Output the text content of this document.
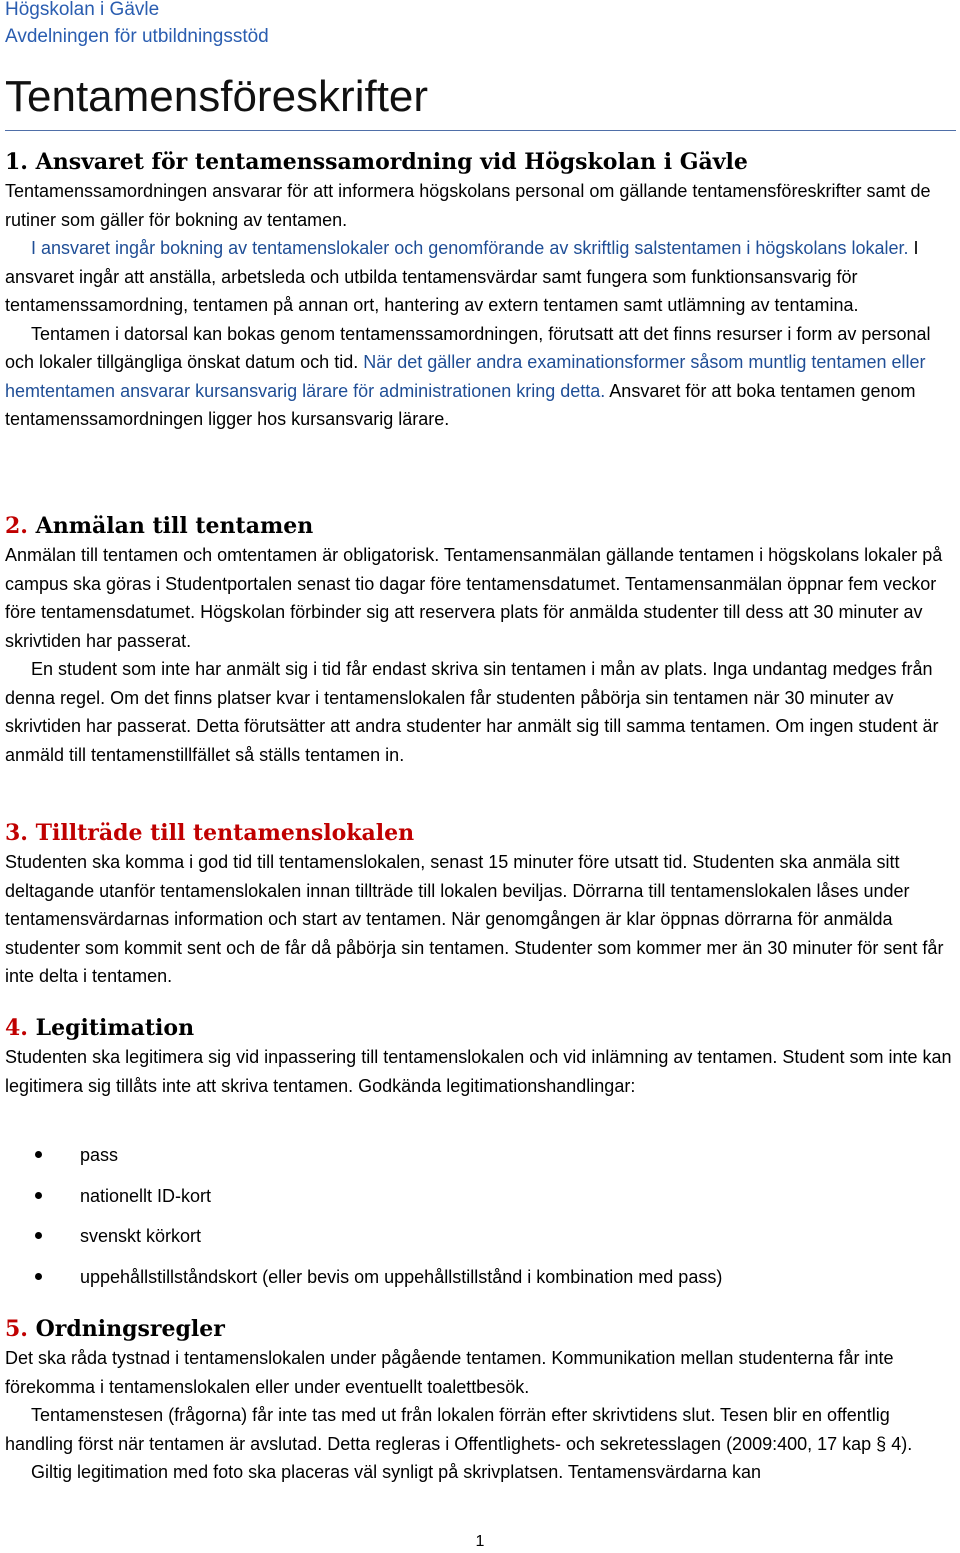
Högskolan i Gävle
Avdelningen för utbildningsstöd
Tentamensföreskrifter
1. Ansvaret för tentamenssamordning vid Högskolan i Gävle
Tentamenssamordningen ansvarar för att informera högskolans personal om gällande tentamensföreskrifter samt de rutiner som gäller för bokning av tentamen.
I ansvaret ingår bokning av tentamenslokaler och genomförande av skriftlig salstentamen i högskolans lokaler. I ansvaret ingår att anställa, arbetsleda och utbilda tentamensvärdar samt fungera som funktionsansvarig för tentamenssamordning, tentamen på annan ort, hantering av extern tentamen samt utlämning av tentamina.
Tentamen i datorsal kan bokas genom tentamenssamordningen, förutsatt att det finns resurser i form av personal och lokaler tillgängliga önskat datum och tid. När det gäller andra examinationsformer såsom muntlig tentamen eller hemtentamen ansvarar kursansvarig lärare för administrationen kring detta. Ansvaret för att boka tentamen genom tentamenssamordningen ligger hos kursansvarig lärare.
2. Anmälan till tentamen
Anmälan till tentamen och omtentamen är obligatorisk. Tentamensanmälan gällande tentamen i högskolans lokaler på campus ska göras i Studentportalen senast tio dagar före tentamensdatumet. Tentamensanmälan öppnar fem veckor före tentamensdatumet. Högskolan förbinder sig att reservera plats för anmälda studenter till dess att 30 minuter av skrivtiden har passerat.
En student som inte har anmält sig i tid får endast skriva sin tentamen i mån av plats. Inga undantag medges från denna regel. Om det finns platser kvar i tentamenslokalen får studenten påbörja sin tentamen när 30 minuter av skrivtiden har passerat. Detta förutsätter att andra studenter har anmält sig till samma tentamen. Om ingen student är anmäld till tentamenstillfället så ställs tentamen in.
3. Tillträde till tentamenslokalen
Studenten ska komma i god tid till tentamenslokalen, senast 15 minuter före utsatt tid. Studenten ska anmäla sitt deltagande utanför tentamenslokalen innan tillträde till lokalen beviljas. Dörrarna till tentamenslokalen låses under tentamensvärdarnas information och start av tentamen. När genomgången är klar öppnas dörrarna för anmälda studenter som kommit sent och de får då påbörja sin tentamen. Studenter som kommer mer än 30 minuter för sent får inte delta i tentamen.
4. Legitimation
Studenten ska legitimera sig vid inpassering till tentamenslokalen och vid inlämning av tentamen. Student som inte kan legitimera sig tillåts inte att skriva tentamen. Godkända legitimationshandlingar:
pass
nationellt ID-kort
svenskt körkort
uppehållstillståndskort (eller bevis om uppehållstillstånd i kombination med pass)
5. Ordningsregler
Det ska råda tystnad i tentamenslokalen under pågående tentamen. Kommunikation mellan studenterna får inte förekomma i tentamenslokalen eller under eventuellt toalettbesök.
Tentamenstesen (frågorna) får inte tas med ut från lokalen förrän efter skrivtidens slut. Tesen blir en offentlig handling först när tentamen är avslutad. Detta regleras i Offentlighets- och sekretesslagen (2009:400, 17 kap § 4).
Giltig legitimation med foto ska placeras väl synligt på skrivplatsen. Tentamensvärdarna kan
1
